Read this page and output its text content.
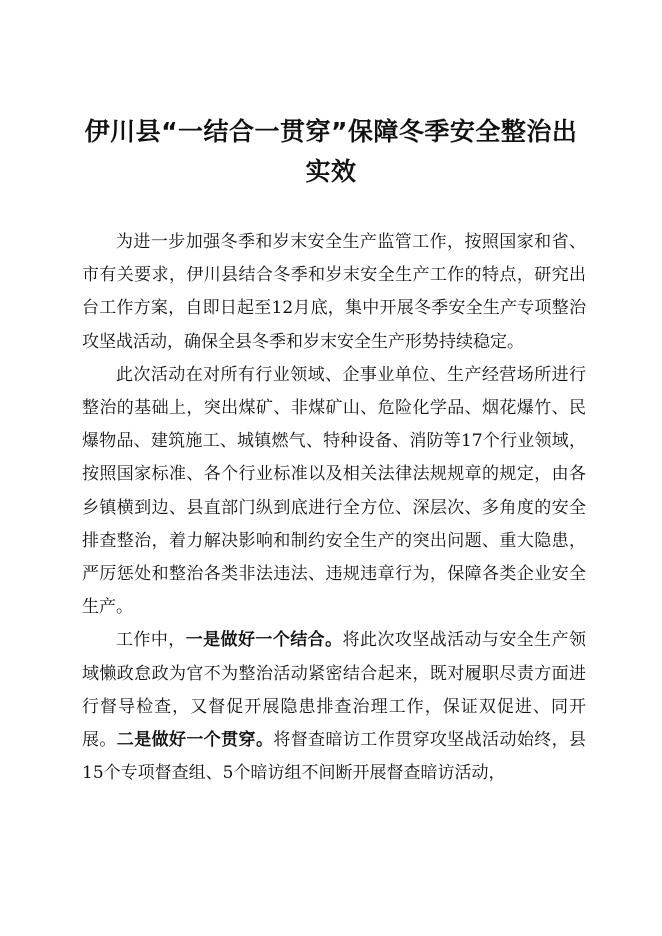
伊川县“一结合一贯穿”保障冬季安全整治出实效

为进一步加强冬季和岁末安全生产监管工作，按照国家和省、市有关要求，伊川县结合冬季和岁末安全生产工作的特点，研究出台工作方案，自即日起至12月底，集中开展冬季安全生产专项整治攻坚战活动，确保全县冬季和岁末安全生产形势持续稳定。

此次活动在对所有行业领域、企事业单位、生产经营场所进行整治的基础上，突出煤矿、非煤矿山、危险化学品、烟花爆竹、民爆物品、建筑施工、城镇燃气、特种设备、消防等17个行业领域，按照国家标准、各个行业标准以及相关法律法规规章的规定，由各乡镇横到边、县直部门纵到底进行全方位、深层次、多角度的安全排查整治，着力解决影响和制约安全生产的突出问题、重大隐患，严厉惩处和整治各类非法违法、违规违章行为，保障各类企业安全生产。

工作中，一是做好一个结合。将此次攻坚战活动与安全生产领域懒政怠政为官不为整治活动紧密结合起来，既对履职尽责方面进行督导检查，又督促开展隐患排查治理工作，保证双促进、同开展。二是做好一个贯穿。将督查暗访工作贯穿攻坚战活动始终，县15个专项督查组、5个暗访组不间断开展督查暗访活动，
